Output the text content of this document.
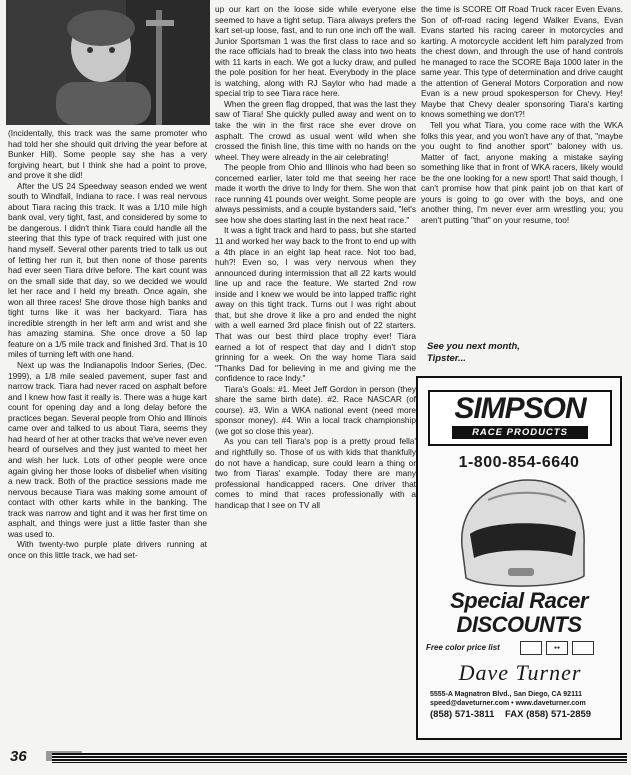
(Incidentally, this track was the same promoter who had told her she should quit driving the year before at Bunker Hill). Some people say she has a very forgiving heart, but I think she had a point to prove, and prove it she did!

After the US 24 Speedway season ended we went south to Windfall, Indiana to race. I was real nervous about Tiara racing this track. It was a 1/10 mile high bank oval, very tight, fast, and considered by some to be dangerous. I didn't think Tiara could handle all the steering that this type of track required with just one hand myself. Several other parents tried to talk us out of letting her run it, but then none of those parents had ever seen Tiara drive before. The kart count was on the small side that day, so we decided we would let her race and I held my breath. Once again, she won all three races! She drove those high banks and tight turns like it was her backyard. Tiara has incredible strength in her left arm and wrist and she has amazing stamina. She once drove a 50 lap feature on a 1/5 mile track and finished 3rd. That is 10 miles of turning left with one hand.

Next up was the Indianapolis Indoor Series, (Dec. 1999), a 1/8 mile sealed pavement, super fast and narrow track. Tiara had never raced on asphalt before and I knew how fast it really is. There was a huge kart count for opening day and a long delay before the practices began. Several people from Ohio and Illinois came over and talked to us about Tiara, seems they had heard of her at other tracks that we've never even heard of ourselves and they just wanted to meet her and wish her luck. Lots of other people were once again giving her those looks of disbelief when visiting a new track. Both of the practice sessions made me nervous because Tiara was making some amount of contact with other karts while in the banking. The track was narrow and tight and it was her first time on asphalt, and things were just a little faster than she was used to.

With twenty-two purple plate drivers running at once on this little track, we had set-

up our kart on the loose side while everyone else seemed to have a tight setup. Tiara always prefers the kart set-up loose, fast, and to run one inch off the wall. Junior Sportsman 1 was the first class to race and so the race officials had to break the class into two heats with 11 karts in each. We got a lucky draw, and pulled the pole position for her heat. Everybody in the place is watching, along with RJ Saylor who had made a special trip to see Tiara race here.

When the green flag dropped, that was the last they saw of Tiara! She quickly pulled away and went on to take the win in the first race she ever drove on asphalt. The crowd as usual went wild when she crossed the finish line, this time with no hands on the wheel. They were already in the air celebrating!

The people from Ohio and Illinois who had been so concerned earlier, later told me that seeing her race made it worth the drive to Indy for them. She won that race running 41 pounds over weight. Some people are always pessimists, and a couple bystanders said, "let's see how she does starting last in the next heat race."

It was a tight track and hard to pass, but she started 11 and worked her way back to the front to end up with a 4th place in an eight lap heat race. Not too bad, huh?! Even so, I was very nervous when they announced during intermission that all 22 karts would line up and race the feature. We started 2nd row inside and I knew we would be into lapped traffic right away on this tight track. Turns out I was right about that, but she drove it like a pro and ended the night with a well earned 3rd place finish out of 22 starters. That was our best third place trophy ever! Tiara earned a lot of respect that day and I didn't stop grinning for a week. On the way home Tiara said "Thanks Dad for believing in me and giving me the confidence to race Indy."

Tiara's Goals: #1. Meet Jeff Gordon in person (they share the same birth date). #2. Race NASCAR (of course). #3. Win a WKA national event (need more sponsor money). #4. Win a local track championship (we got so close this year).

As you can tell Tiara's pop is a pretty proud fella' and rightfully so. Those of us with kids that thankfully do not have a handicap, sure could learn a thing or two from Tiaras' example. Today there are many professional handicapped racers. One driver that comes to mind that races professionally with a handicap that I see on TV all

the time is SCORE Off Road Truck racer Even Evans. Son of off-road racing legend Walker Evans, Evan Evans started his racing career in motorcycles and karting. A motorcycle accident left him paralyzed from the chest down, and through the use of hand controls he managed to race the SCORE Baja 1000 later in the same year. This type of determination and drive caught the attention of General Motors Corporation and now Evan is a new proud spokesperson for Chevy. Hey! Maybe that Chevy dealer sponsoring Tiara's karting knows something we don't?!

Tell you what Tiara, you come race with the WKA folks this year, and you won't have any of that, "maybe you ought to find another sport" baloney with us. Matter of fact, anyone making a mistake saying something like that in front of WKA racers, likely would be the one looking for a new sport! That said though, I can't promise how that pink paint job on that kart of yours is going to go over with the boys, and one another thing, I'm never ever arm wrestling you; you aren't putting "that" on your resume, too!

See you next month,
Tipster...
SIMPSON
RACE PRODUCTS
1-800-854-6640
Special Racer
DISCOUNTS
Free color price list	●●
Dave Turner
5555-A Magnatron Blvd., San Diego, CA 92111
speed@daveturner.com • www.daveturner.com
(858) 571-3811 FAX (858) 571-2859
36
